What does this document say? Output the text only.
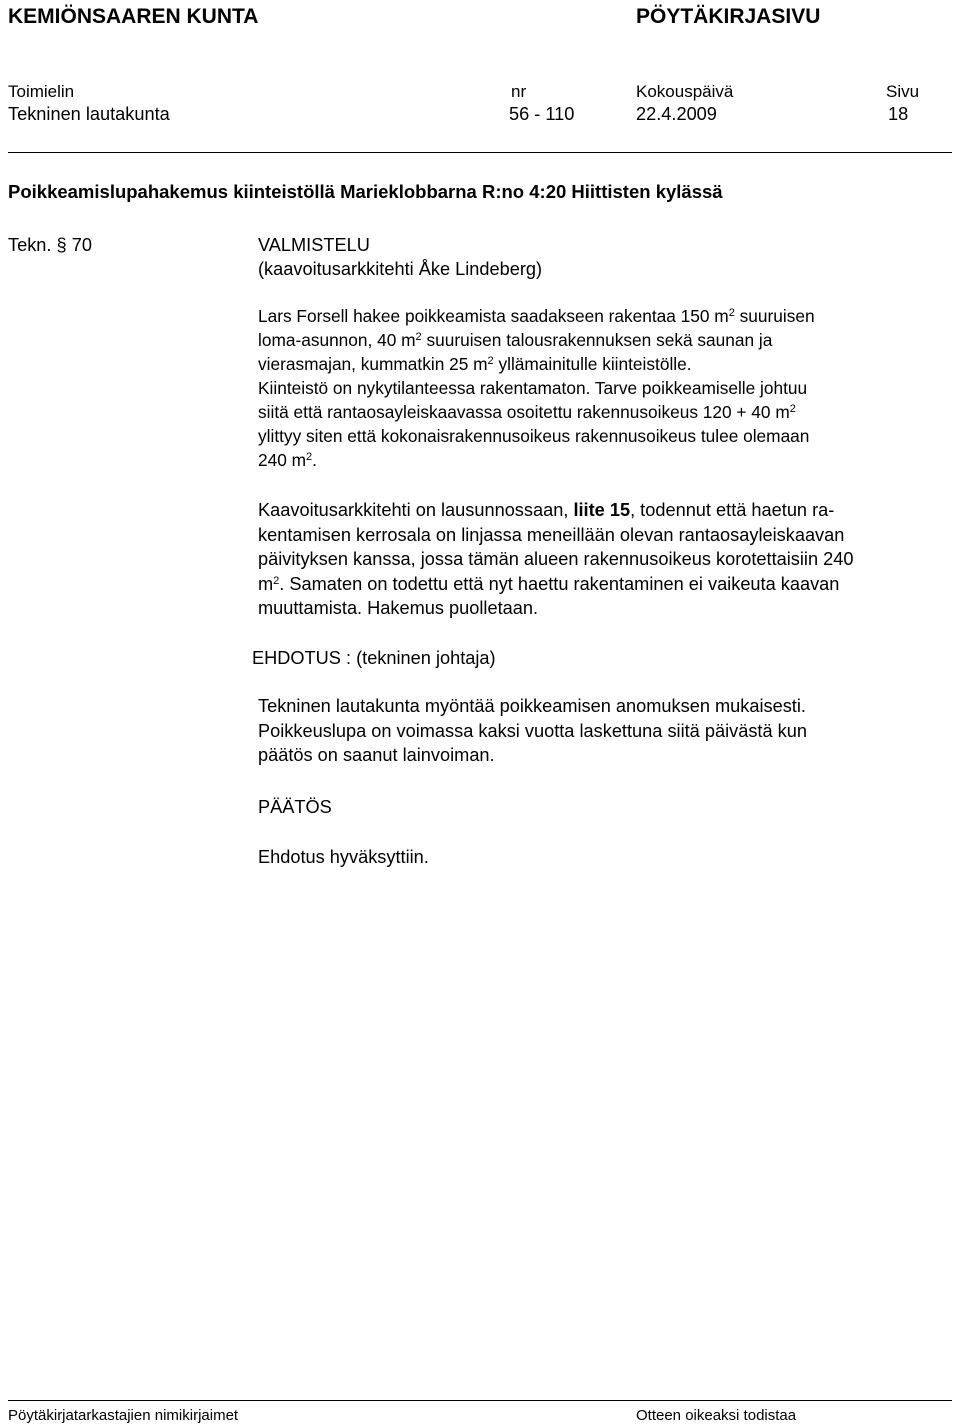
KEMIÖNSAAREN KUNTA	PÖYTÄKIRJASIVU
Toimielin	nr	Kokouspäivä	Sivu
Tekninen lautakunta	56 - 110	22.4.2009	18
Poikkeamislupahakemus kiinteistöllä Marieklobbarna R:no 4:20 Hiittisten kylässä
Tekn. § 70	VALMISTELU
(kaavoitusarkkitehti Åke Lindeberg)

Lars Forsell hakee poikkeamista saadakseen rakentaa 150 $m^2$ suuruisen

loma-asunnon, 40 $m^2$ suuruisen talousrakennuksen sekä saunan ja

vierasmajan, kummatkin 25 $m^2$ yllämainitulle kiinteistölle.

Kiinteistö on nykytilanteessa rakentamaton. Tarve poikkeamiselle johtuu

siitä että rantaosayleiskaavassa osoitettu rakennusoikeus 120 + 40 $m^2$

ylittyy siten että kokonaisrakennusoikeus rakennusoikeus tulee olemaan

240 $m^2$.

Kaavoitusarkkitehti on lausunnossaan, liite 15, todennut että haetun ra-

kentamisen kerrosala on linjassa meneillään olevan rantaosayleiskaavan

päivityksen kanssa, jossa tämän alueen rakennusoikeus korotettaisiin 240

$m^2$. Samaten on todettu että nyt haettu rakentaminen ei vaikeuta kaavan

muuttamista. Hakemus puolletaan.

EHDOTUS : (tekninen johtaja)

Tekninen lautakunta myöntää poikkeamisen anomuksen mukaisesti.

Poikkeuslupa on voimassa kaksi vuotta laskettuna siitä päivästä kun

päätös on saanut lainvoiman.

PÄÄTÖS
Ehdotus hyväksyttiin.
Pöytäkirjatarkastajien nimikirjaimet	Otteen oikeaksi todistaa
